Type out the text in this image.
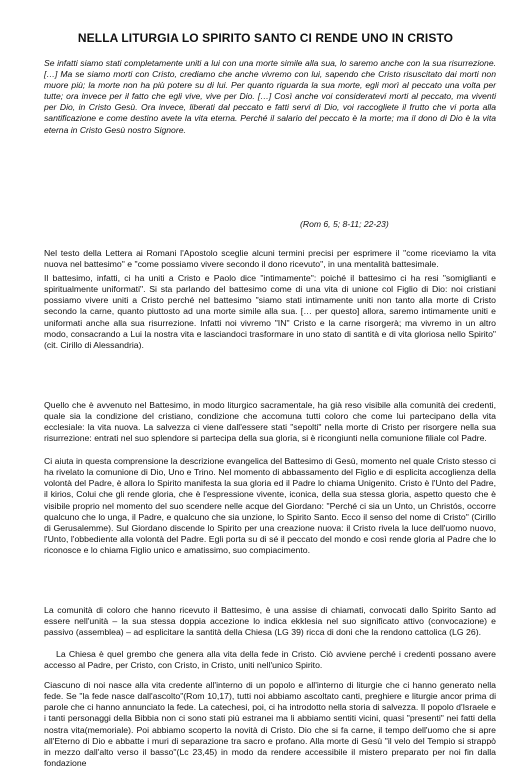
NELLA LITURGIA LO SPIRITO SANTO CI RENDE UNO IN CRISTO
Se infatti siamo stati completamente uniti a lui con una morte simile alla sua, lo saremo anche con la sua risurrezione. […] Ma se siamo morti con Cristo, crediamo che anche vivremo con lui, sapendo che Cristo risuscitato dai morti non muore più; la morte non ha più potere su di lui. Per quanto riguarda la sua morte, egli morì al peccato una volta per tutte; ora invece per il fatto che egli vive, vive per Dio. […] Così anche voi consideratevi morti al peccato, ma viventi per Dio, in Cristo Gesù. Ora invece, liberati dal peccato e fatti servi di Dio, voi raccogliete il frutto che vi porta alla santificazione e come destino avete la vita eterna. Perché il salario del peccato è la morte; ma il dono di Dio è la vita eterna in Cristo Gesù nostro Signore.
(Rom 6, 5; 8-11; 22-23)

Nel testo della Lettera ai Romani l'Apostolo sceglie alcuni termini precisi per esprimere il "come riceviamo la vita nuova nel battesimo" e "come possiamo vivere secondo il dono ricevuto", in una mentalità battesimale.

Il battesimo, infatti, ci ha uniti a Cristo e Paolo dice "intimamente": poiché il battesimo ci ha resi "somiglianti e spiritualmente uniformati". Si sta parlando del battesimo come di una vita di unione col Figlio di Dio: noi cristiani possiamo vivere uniti a Cristo perché nel battesimo "siamo stati intimamente uniti non tanto alla morte di Cristo secondo la carne, quanto piuttosto ad una morte simile alla sua. [… per questo] allora, saremo intimamente uniti e uniformati anche alla sua risurrezione. Infatti noi vivremo "IN" Cristo e la carne risorgerà; ma vivremo in un altro modo, consacrando a Lui la nostra vita e lasciandoci trasformare in uno stato di santità e di vita gloriosa nello Spirito" (cit. Cirillo di Alessandria).

Quello che è avvenuto nel Battesimo, in modo liturgico sacramentale, ha già reso visibile alla comunità dei credenti, quale sia la condizione del cristiano, condizione che accomuna tutti coloro che come lui partecipano della vita ecclesiale: la vita nuova. La salvezza ci viene dall'essere stati "sepolti" nella morte di Cristo per risorgere nella sua risurrezione: entrati nel suo splendore si partecipa della sua gloria, si è ricongiunti nella comunione filiale col Padre.

Ci aiuta in questa comprensione la descrizione evangelica del Battesimo di Gesù, momento nel quale Cristo stesso ci ha rivelato la comunione di Dio, Uno e Trino. Nel momento di abbassamento del Figlio e di esplicita accoglienza della volontà del Padre, è allora lo Spirito manifesta la sua gloria ed il Padre lo chiama Unigenito. Cristo è l'Unto del Padre, il kirios, Colui che gli rende gloria, che è l'espressione vivente, iconica, della sua stessa gloria, aspetto questo che è visibile proprio nel momento del suo scendere nelle acque del Giordano: "Perché ci sia un Unto, un Christós, occorre qualcuno che lo unga, il Padre, e qualcuno che sia unzione, lo Spirito Santo. Ecco il senso del nome di Cristo" (Cirillo di Gerusalemme). Sul Giordano discende lo Spirito per una creazione nuova: il Cristo rivela la luce dell'uomo nuovo, l'Unto, l'obbediente alla volontà del Padre. Egli porta su di sé il peccato del mondo e così rende gloria al Padre che lo riconosce e lo chiama Figlio unico e amatissimo, suo compiacimento.

La comunità di coloro che hanno ricevuto il Battesimo, è una assise di chiamati, convocati dallo Spirito Santo ad essere nell'unità – la sua stessa doppia accezione lo indica ekklesia nel suo significato attivo (convocazione) e passivo (assemblea) – ad esplicitare la santità della Chiesa (LG 39) ricca di doni che la rendono cattolica (LG 26).

La Chiesa è quel grembo che genera alla vita della fede in Cristo. Ciò avviene perché i credenti possano avere accesso al Padre, per Cristo, con Cristo, in Cristo, uniti nell'unico Spirito.

Ciascuno di noi nasce alla vita credente all'interno di un popolo e all'interno di liturgie che ci hanno generato nella fede. Se "la fede nasce dall'ascolto"(Rom 10,17), tutti noi abbiamo ascoltato canti, preghiere e liturgie ancor prima di parole che ci hanno annunciato la fede. La catechesi, poi, ci ha introdotto nella storia di salvezza. Il popolo d'Israele e i tanti personaggi della Bibbia non ci sono stati più estranei ma li abbiamo sentiti vicini, quasi "presenti" nei fatti della nostra vita(memoriale). Poi abbiamo scoperto la novità di Cristo. Dio che si fa carne, il tempo dell'uomo che si apre all'Eterno di Dio e abbatte i muri di separazione tra sacro e profano. Alla morte di Gesù "il velo del Tempio si strappò in mezzo dall'alto verso il basso"(Lc 23,45) in modo da rendere accessibile il mistero preparato per noi fin dalla fondazione
